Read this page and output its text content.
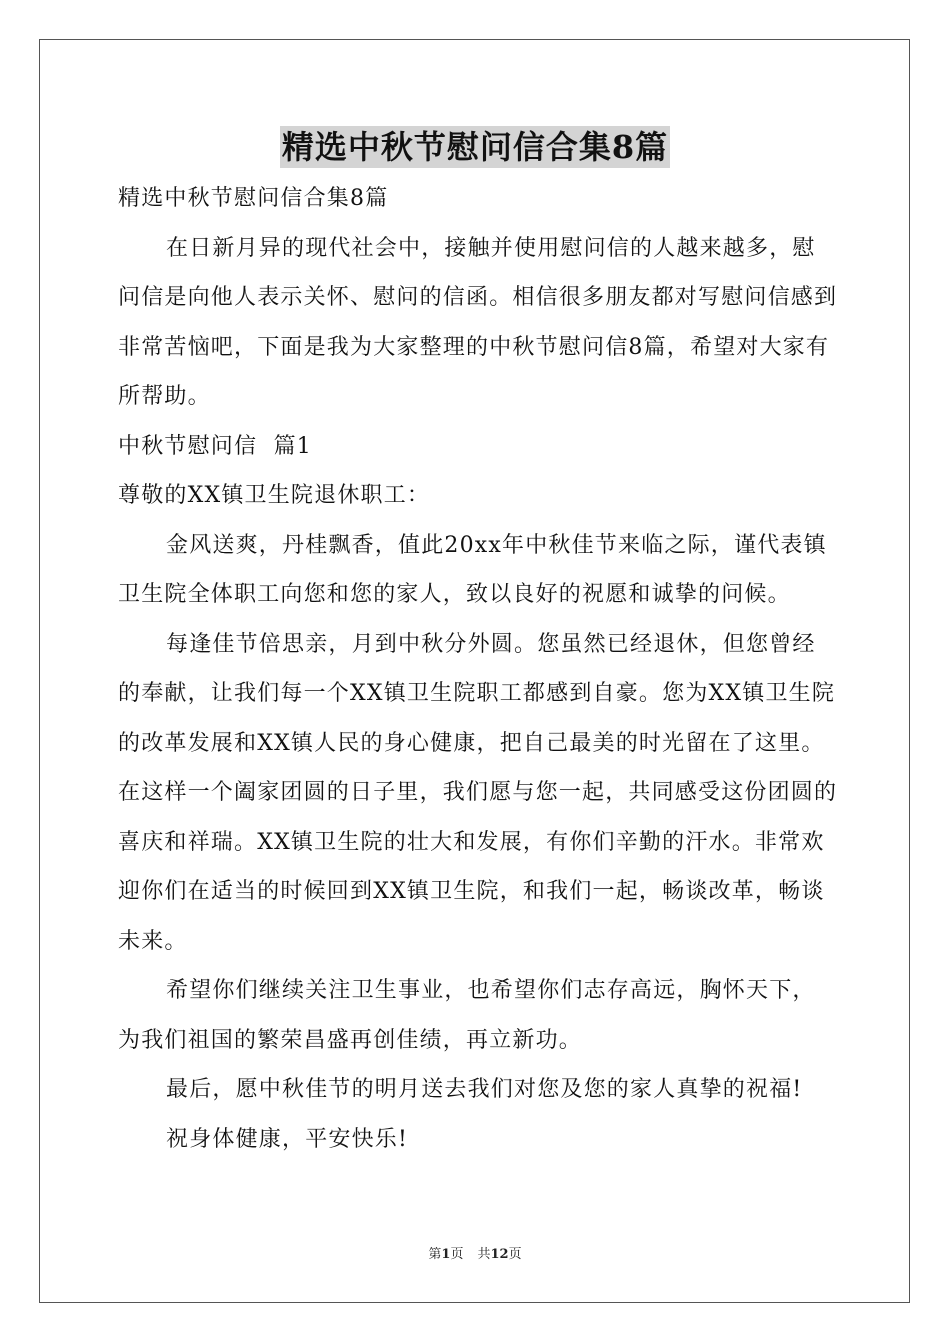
精选中秋节慰问信合集8篇

精选中秋节慰问信合集8篇

在日新月异的现代社会中，接触并使用慰问信的人越来越多，慰问信是向他人表示关怀、慰问的信函。相信很多朋友都对写慰问信感到非常苦恼吧，下面是我为大家整理的中秋节慰问信8篇，希望对大家有所帮助。

中秋节慰问信  篇1

尊敬的XX镇卫生院退休职工：

金风送爽，丹桂飘香，值此20xx年中秋佳节来临之际，谨代表镇卫生院全体职工向您和您的家人，致以良好的祝愿和诚挚的问候。

每逢佳节倍思亲，月到中秋分外圆。您虽然已经退休，但您曾经的奉献，让我们每一个XX镇卫生院职工都感到自豪。您为XX镇卫生院的改革发展和XX镇人民的身心健康，把自己最美的时光留在了这里。在这样一个阖家团圆的日子里，我们愿与您一起，共同感受这份团圆的喜庆和祥瑞。XX镇卫生院的壮大和发展，有你们辛勤的汗水。非常欢迎你们在适当的时候回到XX镇卫生院，和我们一起，畅谈改革，畅谈未来。

希望你们继续关注卫生事业，也希望你们志存高远，胸怀天下，为我们祖国的繁荣昌盛再创佳绩，再立新功。

最后，愿中秋佳节的明月送去我们对您及您的家人真挚的祝福!

祝身体健康，平安快乐!

第1页 共12页
